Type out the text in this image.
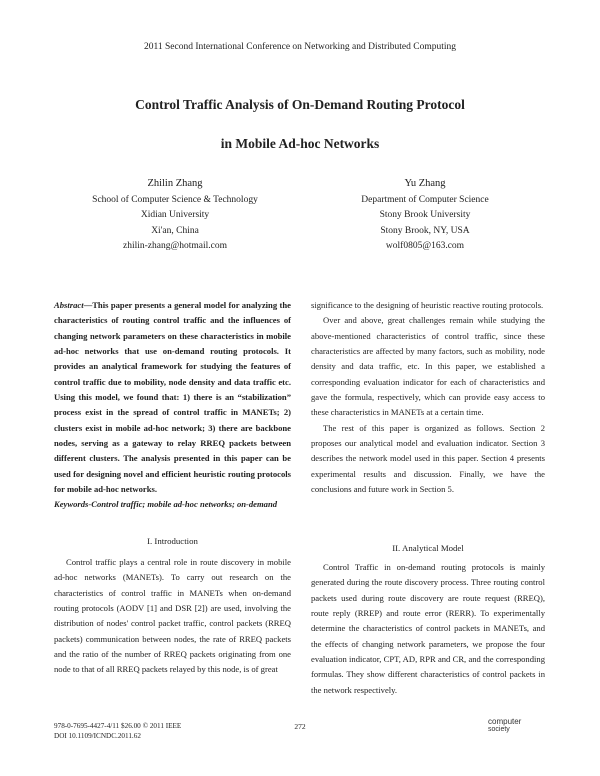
2011 Second International Conference on Networking and Distributed Computing
Control Traffic Analysis of On-Demand Routing Protocol
in Mobile Ad-hoc Networks
Zhilin Zhang
School of Computer Science & Technology
Xidian University
Xi'an, China
zhilin-zhang@hotmail.com
Yu Zhang
Department of Computer Science
Stony Brook University
Stony Brook, NY, USA
wolf0805@163.com

Abstract—This paper presents a general model for analyzing the characteristics of routing control traffic and the influences of changing network parameters on these characteristics in mobile ad-hoc networks that use on-demand routing protocols. It provides an analytical framework for studying the features of control traffic due to mobility, node density and data traffic etc. Using this model, we found that: 1) there is an “stabilization” process exist in the spread of control traffic in MANETs; 2) clusters exist in mobile ad-hoc network; 3) there are backbone nodes, serving as a gateway to relay RREQ packets between different clusters. The analysis presented in this paper can be used for designing novel and efficient heuristic routing protocols for mobile ad-hoc networks.

Keywords-Control traffic; mobile ad-hoc networks; on-demand

I. Introduction

Control traffic plays a central role in route discovery in mobile ad-hoc networks (MANETs). To carry out research on the characteristics of control traffic in MANETs when on-demand routing protocols (AODV [1] and DSR [2]) are used, involving the distribution of nodes' control packet traffic, control packets (RREQ packets) communication between nodes, the rate of RREQ packets and the ratio of the number of RREQ packets originating from one node to that of all RREQ packets relayed by this node, is of great

significance to the designing of heuristic reactive routing protocols.

Over and above, great challenges remain while studying the above-mentioned characteristics of control traffic, since these characteristics are affected by many factors, such as mobility, node density and data traffic, etc. In this paper, we established a corresponding evaluation indicator for each of characteristics and gave the formula, respectively, which can provide easy access to these characteristics in MANETs at a certain time.

The rest of this paper is organized as follows. Section 2 proposes our analytical model and evaluation indicator. Section 3 describes the network model used in this paper. Section 4 presents experimental results and discussion. Finally, we have the conclusions and future work in Section 5.

II. Analytical Model

Control Traffic in on-demand routing protocols is mainly generated during the route discovery process. Three routing control packets used during route discovery are route request (RREQ), route reply (RREP) and route error (RERR). To experimentally determine the characteristics of control packets in MANETs, and the effects of changing network parameters, we propose the four evaluation indicator, CPT, AD, RPR and CR, and the corresponding formulas. They show different characteristics of control packets in the network respectively.

978-0-7695-4427-4/11 $26.00 © 2011 IEEE
DOI 10.1109/ICNDC.2011.62
272
computer
society
